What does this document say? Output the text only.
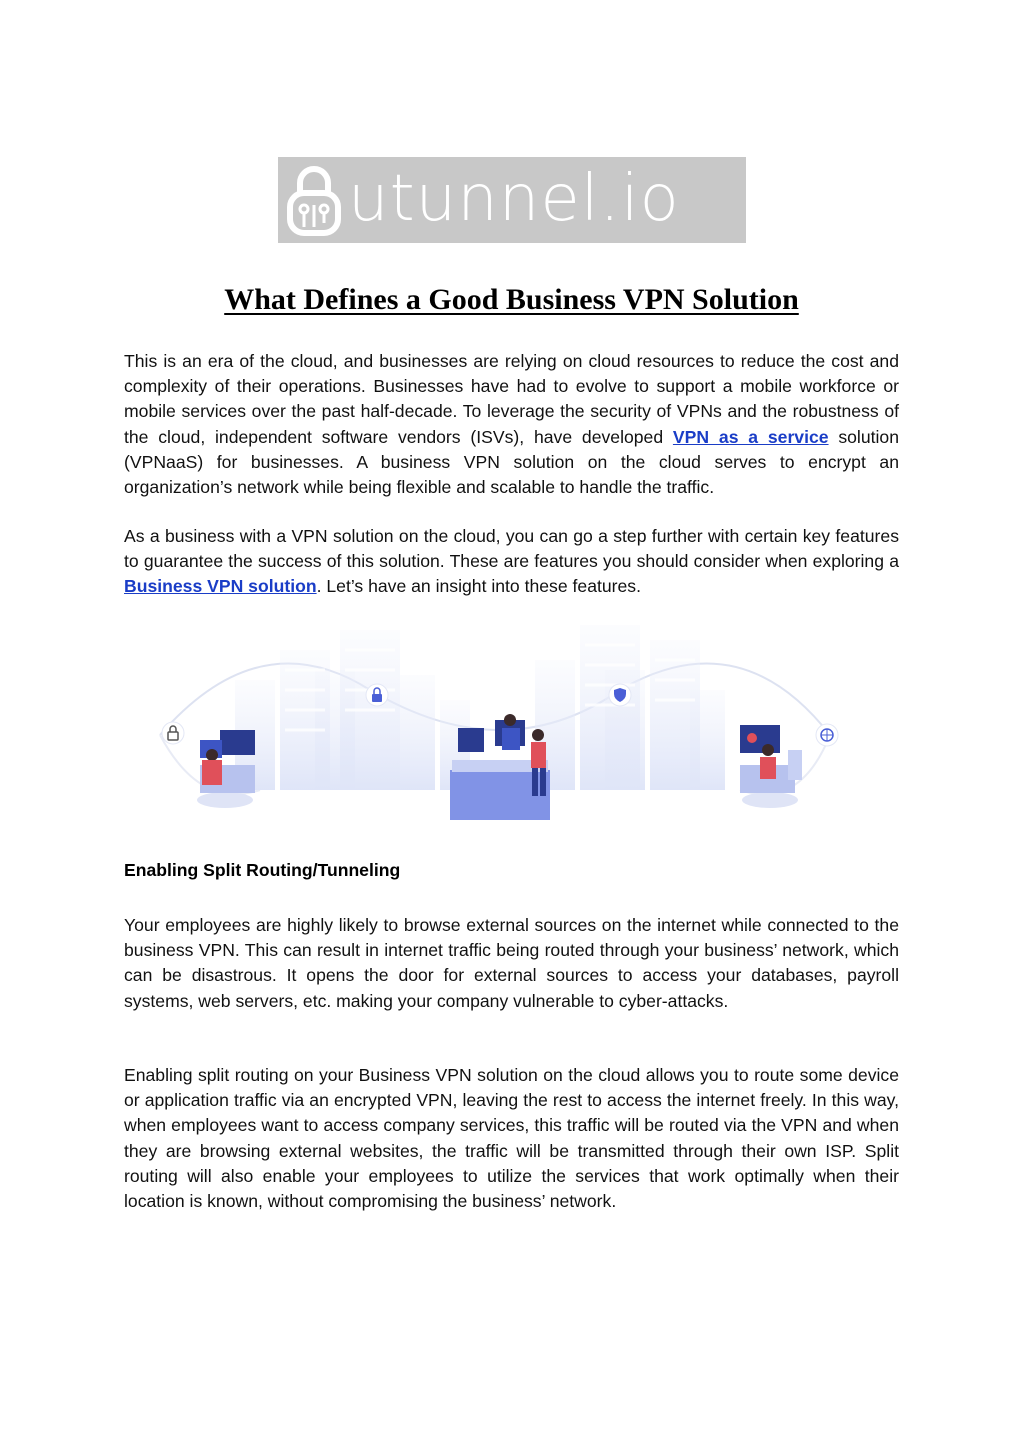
utunnel.io
What Defines a Good Business VPN Solution

This is an era of the cloud, and businesses are relying on cloud resources to reduce the cost and complexity of their operations. Businesses have had to evolve to support a mobile workforce or mobile services over the past half-decade. To leverage the security of VPNs and the robustness of the cloud, independent software vendors (ISVs), have developed VPN as a service solution (VPNaaS) for businesses. A business VPN solution on the cloud serves to encrypt an organization’s network while being flexible and scalable to handle the traffic.

As a business with a VPN solution on the cloud, you can go a step further with certain key features to guarantee the success of this solution. These are features you should consider when exploring a Business VPN solution. Let’s have an insight into these features.

Enabling Split Routing/Tunneling

Your employees are highly likely to browse external sources on the internet while connected to the business VPN. This can result in internet traffic being routed through your business’ network, which can be disastrous. It opens the door for external sources to access your databases, payroll systems, web servers, etc. making your company vulnerable to cyber-attacks.

Enabling split routing on your Business VPN solution on the cloud allows you to route some device or application traffic via an encrypted VPN, leaving the rest to access the internet freely. In this way, when employees want to access company services, this traffic will be routed via the VPN and when they are browsing external websites, the traffic will be transmitted through their own ISP. Split routing will also enable your employees to utilize the services that work optimally when their location is known, without compromising the business’ network.
